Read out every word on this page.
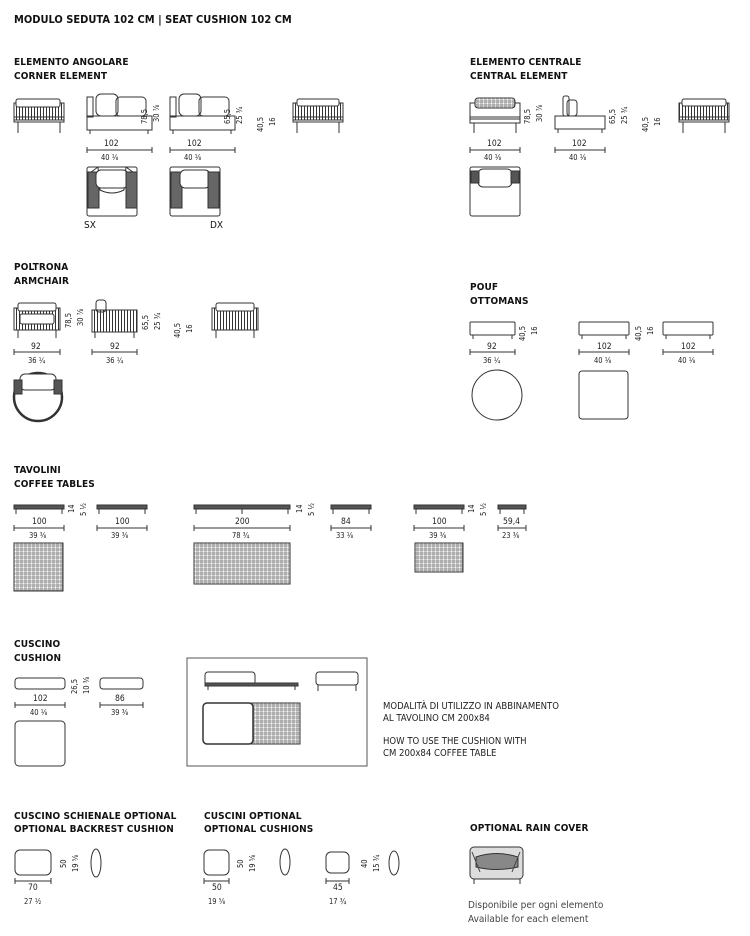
MODULO SEDUTA 102 CM | SEAT CUSHION 102 CM
ELEMENTO ANGOLARE
CORNER ELEMENT
102
40 ⅛
102
40 ⅛
78,5 30 ⅞	65,5 25 ¾
40,5 16
SX	DX
ELEMENTO CENTRALE
CENTRAL ELEMENT
102
40 ⅛
102
40 ⅛
78,5 30 ⅞	65,5 25 ¾
40,5 16
POLTRONA
ARMCHAIR
92
36 ¼
92
36 ¼
78,5 30 ⅞	65,5 25 ¾
40,5 16
POUF
OTTOMANS
92
36 ¼
40,5 16
102
40 ⅛
40,5 16
102
40 ⅛
TAVOLINI
COFFEE TABLES
100
39 ⅜
14 5 ½
100
39 ⅜
200
78 ¾
14 5 ½
84
33 ⅛
100
39 ⅜
14 5 ½
59,4
23 ⅜
CUSCINO
CUSHION
102
40 ⅛
26,5 10 ⅜
86
39 ⅜
MODALITÀ DI UTILIZZO IN ABBINAMENTO
AL TAVOLINO CM 200x84
HOW TO USE THE CUSHION WITH
CM 200x84 COFFEE TABLE
CUSCINO SCHIENALE OPTIONAL
OPTIONAL BACKREST CUSHION
70
27 ½
50 19 ⅝
CUSCINI OPTIONAL
OPTIONAL CUSHIONS
50
19 ⅝
50 19 ⅝
45
17 ¾
40 15 ¾
OPTIONAL RAIN COVER
Disponibile per ogni elemento
Available for each element
